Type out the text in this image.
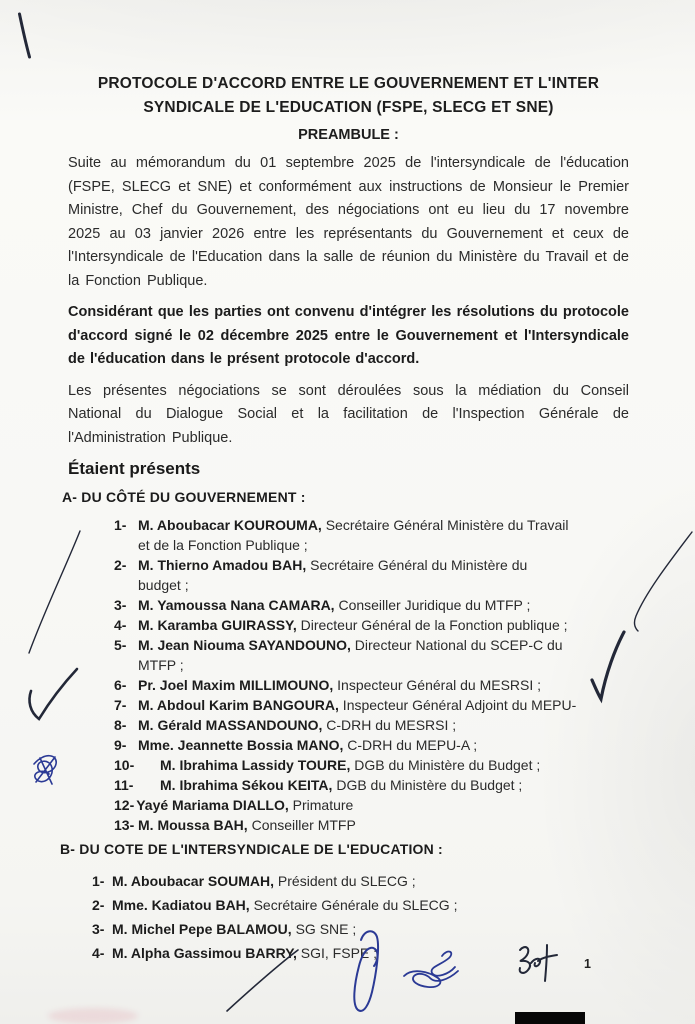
PROTOCOLE D'ACCORD ENTRE LE GOUVERNEMENT ET L'INTER
SYNDICALE DE L'EDUCATION (FSPE, SLECG ET SNE)
PREAMBULE :
Suite au mémorandum du 01 septembre 2025 de l'intersyndicale de l'éducation (FSPE, SLECG et SNE) et conformément aux instructions de Monsieur le Premier Ministre, Chef du Gouvernement, des négociations ont eu lieu du 17 novembre 2025 au 03 janvier 2026 entre les représentants du Gouvernement et ceux de l'Intersyndicale de l'Education dans la salle de réunion du Ministère du Travail et de la Fonction Publique.
Considérant que les parties ont convenu d'intégrer les résolutions du protocole d'accord signé le 02 décembre 2025 entre le Gouvernement et l'Intersyndicale de l'éducation dans le présent protocole d'accord.
Les présentes négociations se sont déroulées sous la médiation du Conseil National du Dialogue Social et la facilitation de l'Inspection Générale de l'Administration Publique.
Étaient présents
A- DU CÔTÉ DU GOUVERNEMENT :
1- M. Aboubacar KOUROUMA, Secrétaire Général Ministère du Travail
et de la Fonction Publique ;
2- M. Thierno Amadou BAH, Secrétaire Général du Ministère du
budget ;
3- M. Yamoussa Nana CAMARA, Conseiller Juridique du MTFP ;
4- M. Karamba GUIRASSY, Directeur Général de la Fonction publique ;
5- M. Jean Niouma SAYANDOUNO, Directeur National du SCEP-C du
MTFP ;
6- Pr. Joel Maxim MILLIMOUNO, Inspecteur Général du MESRSI ;
7- M. Abdoul Karim BANGOURA, Inspecteur Général Adjoint du MEPU-
8- M. Gérald MASSANDOUNO, C-DRH du MESRSI ;
9- Mme. Jeannette Bossia MANO, C-DRH du MEPU-A ;
10- M. Ibrahima Lassidy TOURE, DGB du Ministère du Budget ;
11- M. Ibrahima Sékou KEITA, DGB du Ministère du Budget ;
12- Yayé Mariama DIALLO, Primature
13- M. Moussa BAH, Conseiller MTFP
B- DU COTE DE L'INTERSYNDICALE DE L'EDUCATION :
1- M. Aboubacar SOUMAH, Président du SLECG ;
2- Mme. Kadiatou BAH, Secrétaire Générale du SLECG ;
3- M. Michel Pepe BALAMOU, SG SNE ;
4- M. Alpha Gassimou BARRY, SGI, FSPE ;
1
